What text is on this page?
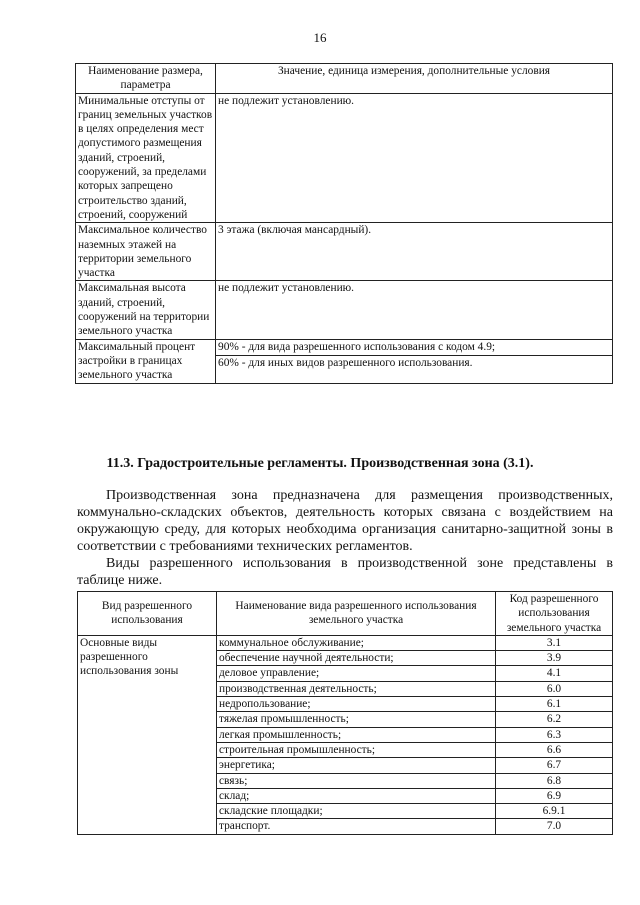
16
Наименование размера, параметра	Значение, единица измерения, дополнительные условия
Минимальные отступы от границ земельных участков в целях определения мест допустимого размещения зданий, строений, сооружений, за пределами которых запрещено строительство зданий, строений, сооружений	не подлежит установлению.
Максимальное количество наземных этажей на территории земельного участка	3 этажа (включая мансардный).
Максимальная высота зданий, строений, сооружений на территории земельного участка	не подлежит установлению.
Максимальный процент застройки в границах земельного участка	90% - для вида разрешенного использования с кодом 4.9;
	60% - для иных видов разрешенного использования.
11.3. Градостроительные регламенты. Производственная зона (3.1).

Производственная зона предназначена для размещения производственных, коммунально-складских объектов, деятельность которых связана с воздействием на окружающую среду, для которых необходима организация санитарно-защитной зоны в соответствии с требованиями технических регламентов.

Виды разрешенного использования в производственной зоне представлены в таблице ниже.

Вид разрешенного использования	Наименование вида разрешенного использования земельного участка	Код разрешенного использования земельного участка
Основные виды разрешенного использования зоны	коммунальное обслуживание;	3.1
	обеспечение научной деятельности;	3.9
	деловое управление;	4.1
	производственная деятельность;	6.0
	недропользование;	6.1
	тяжелая промышленность;	6.2
	легкая промышленность;	6.3
	строительная промышленность;	6.6
	энергетика;	6.7
	связь;	6.8
	склад;	6.9
	складские площадки;	6.9.1
	транспорт.	7.0
